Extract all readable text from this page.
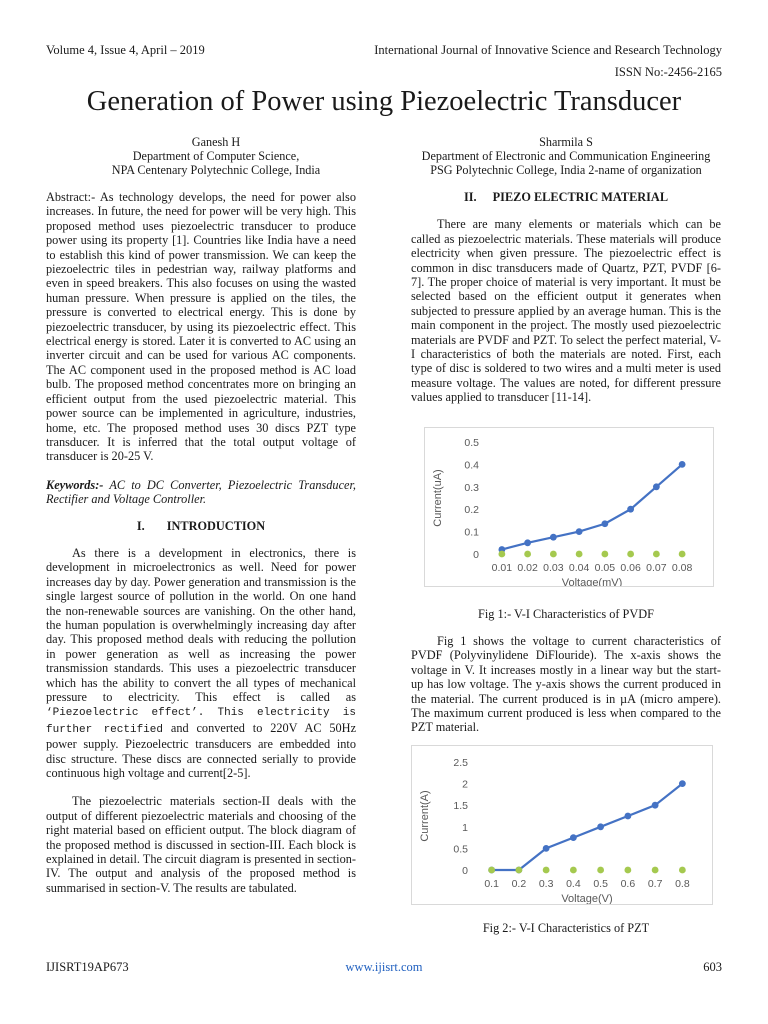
Volume 4, Issue 4, April – 2019	International Journal of Innovative Science and Research Technology
ISSN No:-2456-2165
Generation of Power using Piezoelectric Transducer
Ganesh H
Department of Computer Science,
NPA Centenary Polytechnic College, India
Sharmila S
Department of Electronic and Communication Engineering
PSG Polytechnic College, India 2-name of organization

Abstract:- As technology develops, the need for power also increases. In future, the need for power will be very high. This proposed method uses piezoelectric transducer to produce power using its property [1]. Countries like India have a need to establish this kind of power transmission. We can keep the piezoelectric tiles in pedestrian way, railway platforms and even in speed breakers. This also focuses on using the wasted human pressure. When pressure is applied on the tiles, the pressure is converted to electrical energy. This is done by piezoelectric transducer, by using its piezoelectric effect. This electrical energy is stored. Later it is converted to AC using an inverter circuit and can be used for various AC components. The AC component used in the proposed method is AC load bulb. The proposed method concentrates more on bringing an efficient output from the used piezoelectric material. This power source can be implemented in agriculture, industries, home, etc. The proposed method uses 30 discs PZT type transducer. It is inferred that the total output voltage of transducer is 20-25 V.

Keywords:- AC to DC Converter, Piezoelectric Transducer, Rectifier and Voltage Controller.

I. INTRODUCTION

As there is a development in electronics, there is development in microelectronics as well. Need for power increases day by day. Power generation and transmission is the single largest source of pollution in the world. On one hand the non-renewable sources are vanishing. On the other hand, the human population is overwhelmingly increasing day after day. This proposed method deals with reducing the pollution in power generation as well as increasing the power transmission standards. This uses a piezoelectric transducer which has the ability to convert the all types of mechanical pressure to electricity. This effect is called as ‘Piezoelectric effect’. This electricity is further rectified and converted to 220V AC 50Hz power supply. Piezoelectric transducers are embedded into disc structure. These discs are connected serially to provide continuous high voltage and current[2-5].

The piezoelectric materials section-II deals with the output of different piezoelectric materials and choosing of the right material based on efficient output. The block diagram of the proposed method is discussed in section-III. Each block is explained in detail. The circuit diagram is presented in section-IV. The output and analysis of the proposed method is summarised in section-V. The results are tabulated.

II. PIEZO ELECTRIC MATERIAL

There are many elements or materials which can be called as piezoelectric materials. These materials will produce electricity when given pressure. The piezoelectric effect is common in disc transducers made of Quartz, PZT, PVDF [6-7]. The proper choice of material is very important. It must be selected based on the efficient output it generates when subjected to pressure applied by an average human. This is the main component in the project. The mostly used piezoelectric materials are PVDF and PZT. To select the perfect material, V-I characteristics of both the materials are noted. First, each type of disc is soldered to two wires and a multi meter is used measure voltage. The values are noted, for different pressure values applied to transducer [11-14].

0
0.1
0.2
0.3
0.4
0.5
0.01 0.02 0.03 0.04 0.05 0.06 0.07 0.08
Voltage(mV)
Current(uA)
Fig 1:- V-I Characteristics of PVDF

Fig 1 shows the voltage to current characteristics of PVDF (Polyvinylidene DiFlouride). The x-axis shows the voltage in V. It increases mostly in a linear way but the start-up has low voltage. The y-axis shows the current produced in the material. The current produced is in µA (micro ampere). The maximum current produced is less when compared to the PZT material.

0
0.5
1
1.5
2
2.5
0.1 0.2 0.3 0.4 0.5 0.6 0.7 0.8
Voltage(V)
Current(A)
Fig 2:- V-I Characteristics of PZT
IJISRT19AP673	www.ijisrt.com	603
